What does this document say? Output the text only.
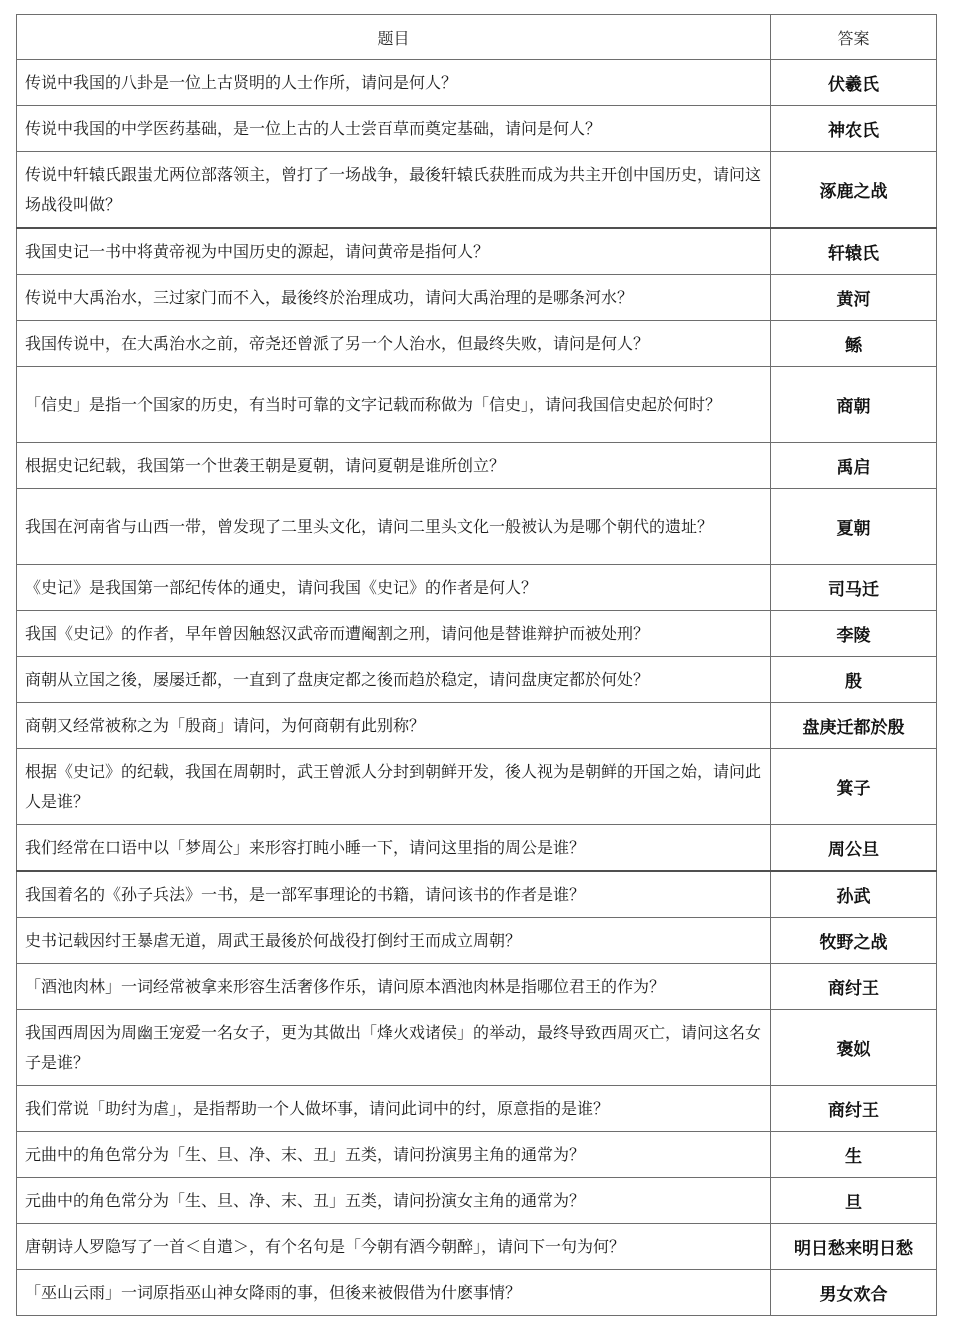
题目	答案
传说中我国的八卦是一位上古贤明的人士作所，请问是何人？	伏羲氏
传说中我国的中学医药基础，是一位上古的人士尝百草而奠定基础，请问是何人？	神农氏
传说中轩辕氏跟蚩尤两位部落领主，曾打了一场战争，最後轩辕氏获胜而成为共主开创中国历史，请问这场战役叫做？	涿鹿之战
我国史记一书中将黄帝视为中国历史的源起，请问黄帝是指何人？	轩辕氏
传说中大禹治水，三过家门而不入，最後终於治理成功，请问大禹治理的是哪条河水？	黄河
我国传说中，在大禹治水之前，帝尧还曾派了另一个人治水，但最终失败，请问是何人？	鲧
「信史」是指一个国家的历史，有当时可靠的文字记载而称做为「信史」，请问我国信史起於何时？	商朝
根据史记纪载，我国第一个世袭王朝是夏朝，请问夏朝是谁所创立？	禹启
我国在河南省与山西一带，曾发现了二里头文化，请问二里头文化一般被认为是哪个朝代的遗址？	夏朝
《史记》是我国第一部纪传体的通史，请问我国《史记》的作者是何人？	司马迁
我国《史记》的作者，早年曾因触怒汉武帝而遭阉割之刑，请问他是替谁辩护而被处刑？	李陵
商朝从立国之後，屡屡迁都，一直到了盘庚定都之後而趋於稳定，请问盘庚定都於何处？	殷
商朝又经常被称之为「殷商」请问，为何商朝有此别称？	盘庚迁都於殷
根据《史记》的纪载，我国在周朝时，武王曾派人分封到朝鲜开发，後人视为是朝鲜的开国之始，请问此人是谁？	箕子
我们经常在口语中以「梦周公」来形容打盹小睡一下，请问这里指的周公是谁？	周公旦
我国着名的《孙子兵法》一书，是一部军事理论的书籍，请问该书的作者是谁？	孙武
史书记载因纣王暴虐无道，周武王最後於何战役打倒纣王而成立周朝？	牧野之战
「酒池肉林」一词经常被拿来形容生活奢侈作乐，请问原本酒池肉林是指哪位君王的作为？	商纣王
我国西周因为周幽王宠爱一名女子，更为其做出「烽火戏诸侯」的举动，最终导致西周灭亡，请问这名女子是谁？	褒姒
我们常说「助纣为虐」，是指帮助一个人做坏事，请问此词中的纣，原意指的是谁？	商纣王
元曲中的角色常分为「生、旦、净、末、丑」五类，请问扮演男主角的通常为？	生
元曲中的角色常分为「生、旦、净、末、丑」五类，请问扮演女主角的通常为？	旦
唐朝诗人罗隐写了一首＜自遣＞，有个名句是「今朝有酒今朝醉」，请问下一句为何？	明日愁来明日愁
「巫山云雨」一词原指巫山神女降雨的事，但後来被假借为什麽事情？	男女欢合
